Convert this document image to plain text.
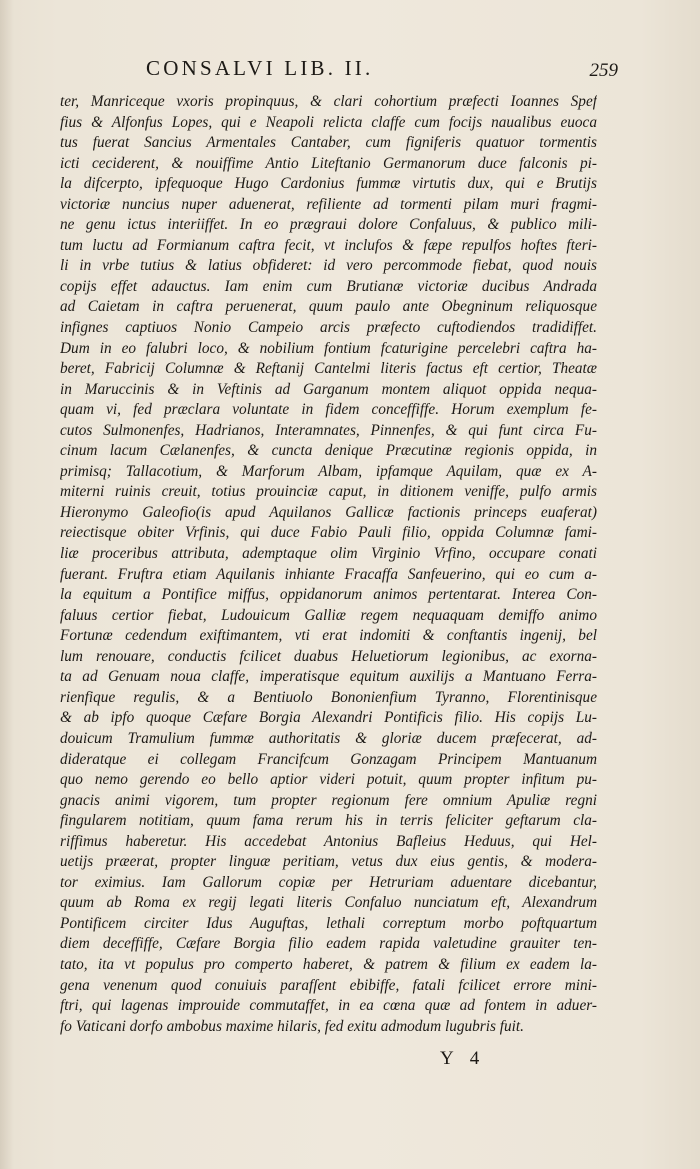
CONSALVI LIB. II.	259
ter, Manriceque vxoris propinquus, & clari cohortium præfecti Ioannes Spef
fius & Alfonfus Lopes, qui e Neapoli relicta claffe cum focijs naualibus euoca
tus fuerat Sancius Armentales Cantaber, cum figniferis quatuor tormentis
icti ceciderent, & nouiffime Antio Liteftanio Germanorum duce falconis pi-
la difcerpto, ipfequoque Hugo Cardonius fummæ virtutis dux, qui e Brutijs
victoriæ nuncius nuper aduenerat, refiliente ad tormenti pilam muri fragmi-
ne genu ictus interiiffet. In eo prægraui dolore Confaluus, & publico mili-
tum luctu ad Formianum caftra fecit, vt inclufos & fæpe repulfos hoftes fteri-
li in vrbe tutius & latius obfideret: id vero percommode fiebat, quod nouis
copijs effet adauctus. Iam enim cum Brutianæ victoriæ ducibus Andrada
ad Caietam in caftra peruenerat, quum paulo ante Obegninum reliquosque
infignes captiuos Nonio Campeio arcis præfecto cuftodiendos tradidiffet.
Dum in eo falubri loco, & nobilium fontium fcaturigine percelebri caftra ha-
beret, Fabricij Columnæ & Reftanij Cantelmi literis factus eft certior, Theatæ
in Maruccinis & in Veftinis ad Garganum montem aliquot oppida nequa-
quam vi, fed præclara voluntate in fidem conceffiffe. Horum exemplum fe-
cutos Sulmonenfes, Hadrianos, Interamnates, Pinnenfes, & qui funt circa Fu-
cinum lacum Cælanenfes, & cuncta denique Præcutinæ regionis oppida, in
primisq; Tallacotium, & Marforum Albam, ipfamque Aquilam, quæ ex A-
miterni ruinis creuit, totius prouinciæ caput, in ditionem veniffe, pulfo armis
Hieronymo Galeofio(is apud Aquilanos Gallicæ factionis princeps euaferat)
reiectisque obiter Vrfinis, qui duce Fabio Pauli filio, oppida Columnæ fami-
liæ proceribus attributa, ademptaque olim Virginio Vrfino, occupare conati
fuerant. Fruftra etiam Aquilanis inhiante Fracaffa Sanfeuerino, qui eo cum a-
la equitum a Pontifice miffus, oppidanorum animos pertentarat. Interea Con-
faluus certior fiebat, Ludouicum Galliæ regem nequaquam demiffo animo
Fortunæ cedendum exiftimantem, vti erat indomiti & conftantis ingenij, bel
lum renouare, conductis fcilicet duabus Heluetiorum legionibus, ac exorna-
ta ad Genuam noua claffe, imperatisque equitum auxilijs a Mantuano Ferra-
rienfique regulis, & a Bentiuolo Bononienfium Tyranno, Florentinisque
& ab ipfo quoque Cæfare Borgia Alexandri Pontificis filio. His copijs Lu-
douicum Tramulium fummæ authoritatis & gloriæ ducem præfecerat, ad-
dideratque ei collegam Francifcum Gonzagam Principem Mantuanum
quo nemo gerendo eo bello aptior videri potuit, quum propter infitum pu-
gnacis animi vigorem, tum propter regionum fere omnium Apuliæ regni
fingularem notitiam, quum fama rerum his in terris feliciter geftarum cla-
riffimus haberetur. His accedebat Antonius Bafleius Heduus, qui Hel-
uetijs præerat, propter linguæ peritiam, vetus dux eius gentis, & modera-
tor eximius. Iam Gallorum copiæ per Hetruriam aduentare dicebantur,
quum ab Roma ex regij legati literis Confaluo nunciatum eft, Alexandrum
Pontificem circiter Idus Auguftas, lethali correptum morbo poftquartum
diem deceffiffe, Cæfare Borgia filio eadem rapida valetudine grauiter ten-
tato, ita vt populus pro comperto haberet, & patrem & filium ex eadem la-
gena venenum quod conuiuis parafſent ebibiffe, fatali fcilicet errore mini-
ftri, qui lagenas improuide commutaffet, in ea cœna quæ ad fontem in aduer-
fo Vaticani dorfo ambobus maxime hilaris, fed exitu admodum lugubris fuit.
Y 4
